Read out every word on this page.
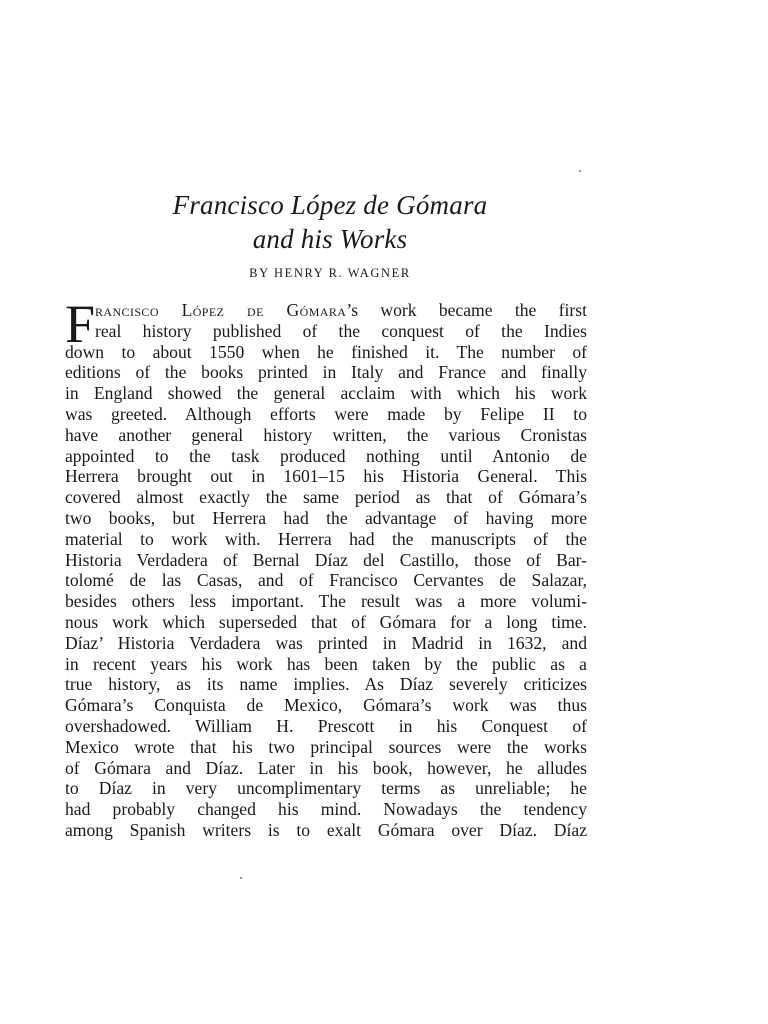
Francisco López de Gómara
and his Works
BY HENRY R. WAGNER
F rancisco López de Gómara’s work became the first
real history published of the conquest of the Indies
down to about 1550 when he finished it. The number of
editions of the books printed in Italy and France and finally
in England showed the general acclaim with which his work
was greeted. Although efforts were made by Felipe II to
have another general history written, the various Cronistas
appointed to the task produced nothing until Antonio de
Herrera brought out in 1601–15 his Historia General. This
covered almost exactly the same period as that of Gómara’s
two books, but Herrera had the advantage of having more
material to work with. Herrera had the manuscripts of the
Historia Verdadera of Bernal Díaz del Castillo, those of Bar-
tolomé de las Casas, and of Francisco Cervantes de Salazar,
besides others less important. The result was a more volumi-
nous work which superseded that of Gómara for a long time.
Díaz’ Historia Verdadera was printed in Madrid in 1632, and
in recent years his work has been taken by the public as a
true history, as its name implies. As Díaz severely criticizes
Gómara’s Conquista de Mexico, Gómara’s work was thus
overshadowed. William H. Prescott in his Conquest of
Mexico wrote that his two principal sources were the works
of Gómara and Díaz. Later in his book, however, he alludes
to Díaz in very uncomplimentary terms as unreliable; he
had probably changed his mind. Nowadays the tendency
among Spanish writers is to exalt Gómara over Díaz. Díaz
